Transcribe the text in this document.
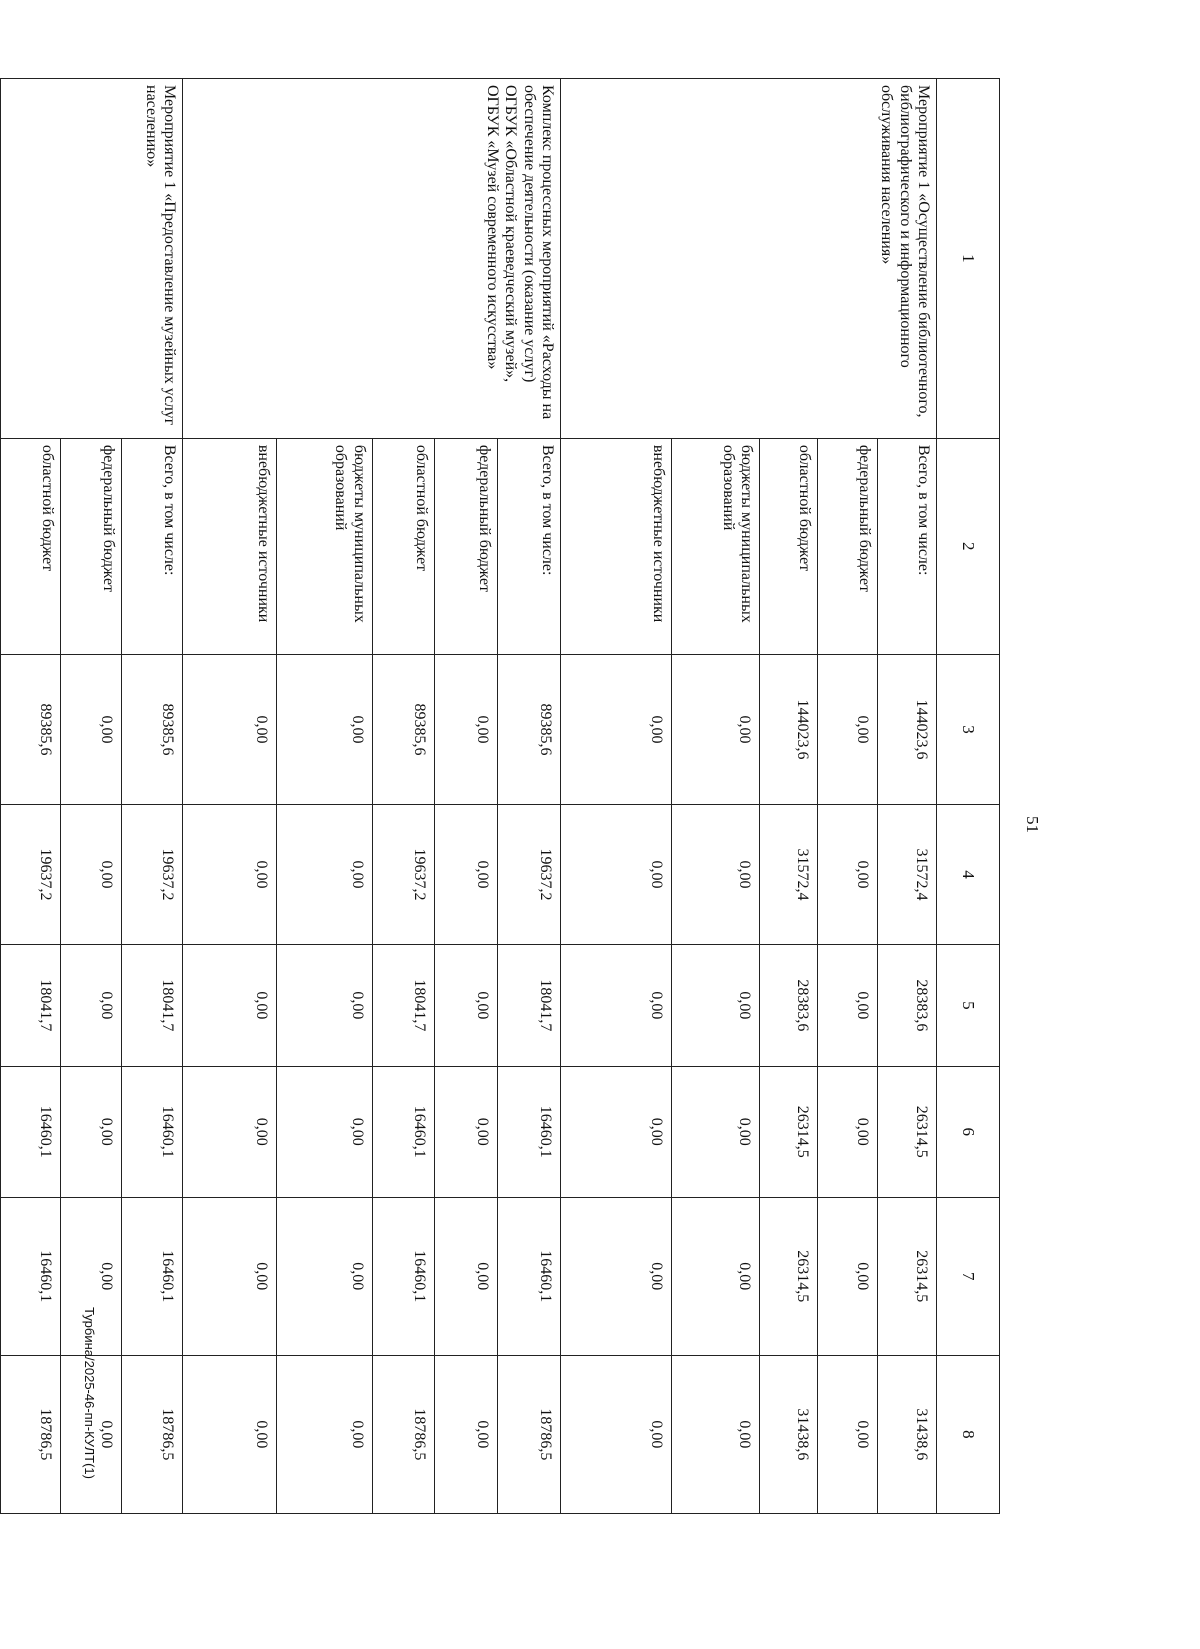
51
1	2	3	4	5	6	7	8
Мероприятие 1 «Осуществление библиотечного, библиографического и информационного обслуживания населения»	Всего, в том числе:	144023,6	31572,4	28383,6	26314,5	26314,5	31438,6
	федеральный бюджет	0,00	0,00	0,00	0,00	0,00	0,00
	областной бюджет	144023,6	31572,4	28383,6	26314,5	26314,5	31438,6
	бюджеты муниципальных образований	0,00	0,00	0,00	0,00	0,00	0,00
	внебюджетные источники	0,00	0,00	0,00	0,00	0,00	0,00
Комплекс процессных мероприятий «Расходы на обеспечение деятельности (оказание услуг) ОГБУК «Областной краеведческий музей», ОГБУК «Музей современного искусства»	Всего, в том числе:	89385,6	19637,2	18041,7	16460,1	16460,1	18786,5
	федеральный бюджет	0,00	0,00	0,00	0,00	0,00	0,00
	областной бюджет	89385,6	19637,2	18041,7	16460,1	16460,1	18786,5
	бюджеты муниципальных образований	0,00	0,00	0,00	0,00	0,00	0,00
	внебюджетные источники	0,00	0,00	0,00	0,00	0,00	0,00
Мероприятие 1 «Предоставление музейных услуг населению»	Всего, в том числе:	89385,6	19637,2	18041,7	16460,1	16460,1	18786,5
	федеральный бюджет	0,00	0,00	0,00	0,00	0,00	0,00
	областной бюджет	89385,6	19637,2	18041,7	16460,1	16460,1	18786,5 Турбина/2025-46-пп-КУЛТ(1)
